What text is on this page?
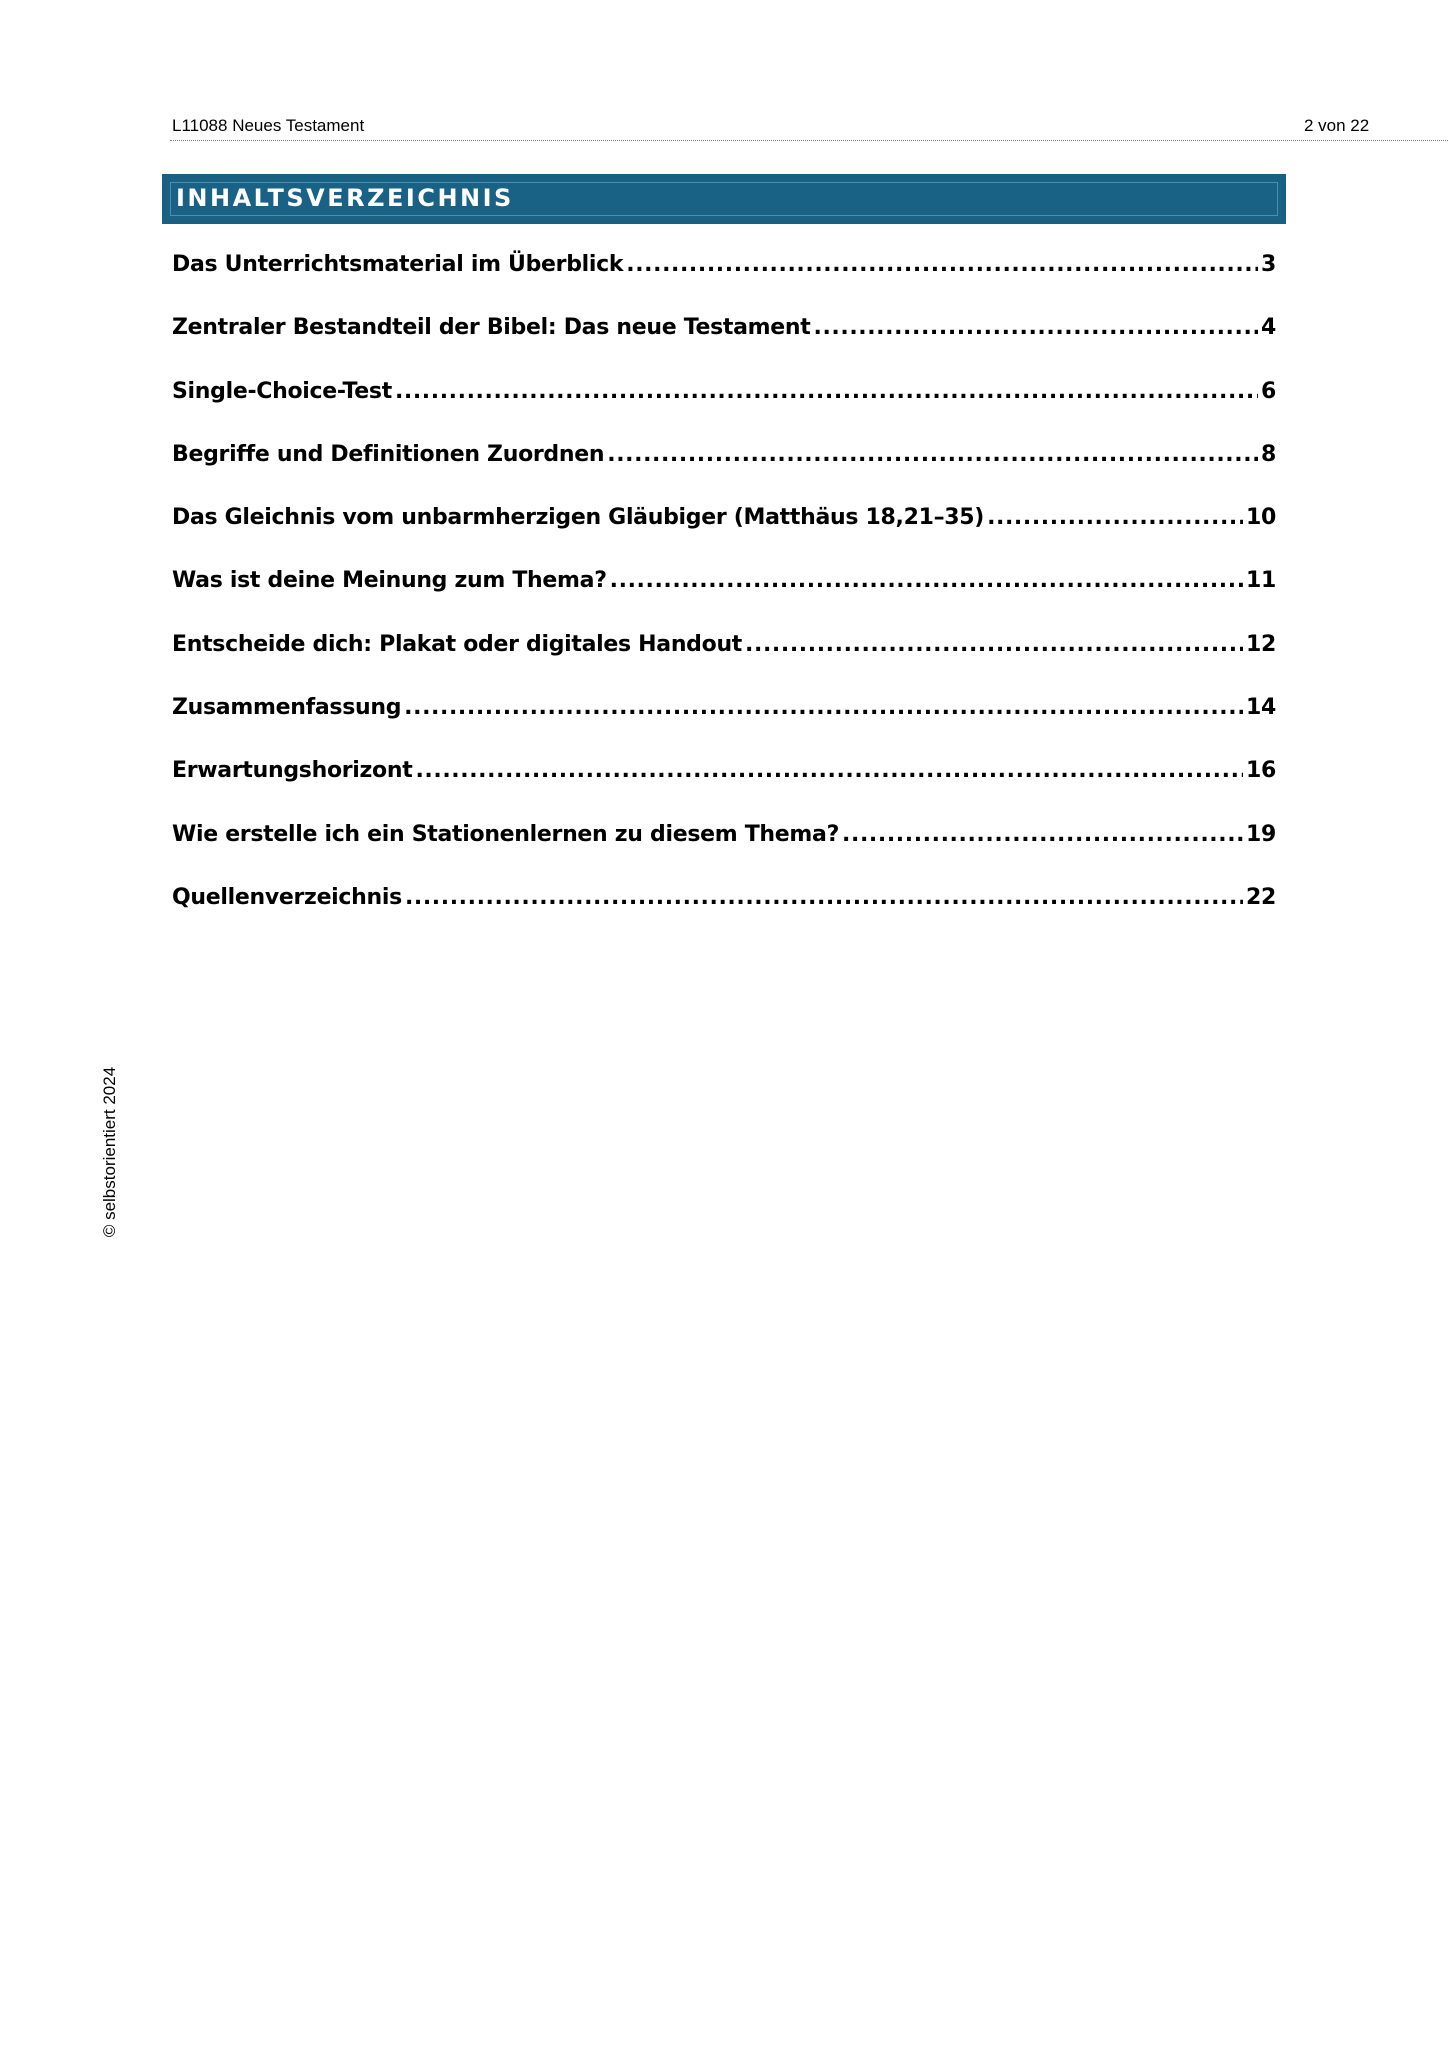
L11088 Neues Testament	2 von 22
INHALTSVERZEICHNIS
Das Unterrichtsmaterial im Überblick .....	3
Zentraler Bestandteil der Bibel: Das neue Testament .....	4
Single-Choice-Test .....	6
Begriffe und Definitionen Zuordnen .....	8
Das Gleichnis vom unbarmherzigen Gläubiger (Matthäus 18,21–35) .....	10
Was ist deine Meinung zum Thema? .....	11
Entscheide dich: Plakat oder digitales Handout .....	12
Zusammenfassung .....	14
Erwartungshorizont .....	16
Wie erstelle ich ein Stationenlernen zu diesem Thema? .....	19
Quellenverzeichnis .....	22
© selbstorientiert 2024
